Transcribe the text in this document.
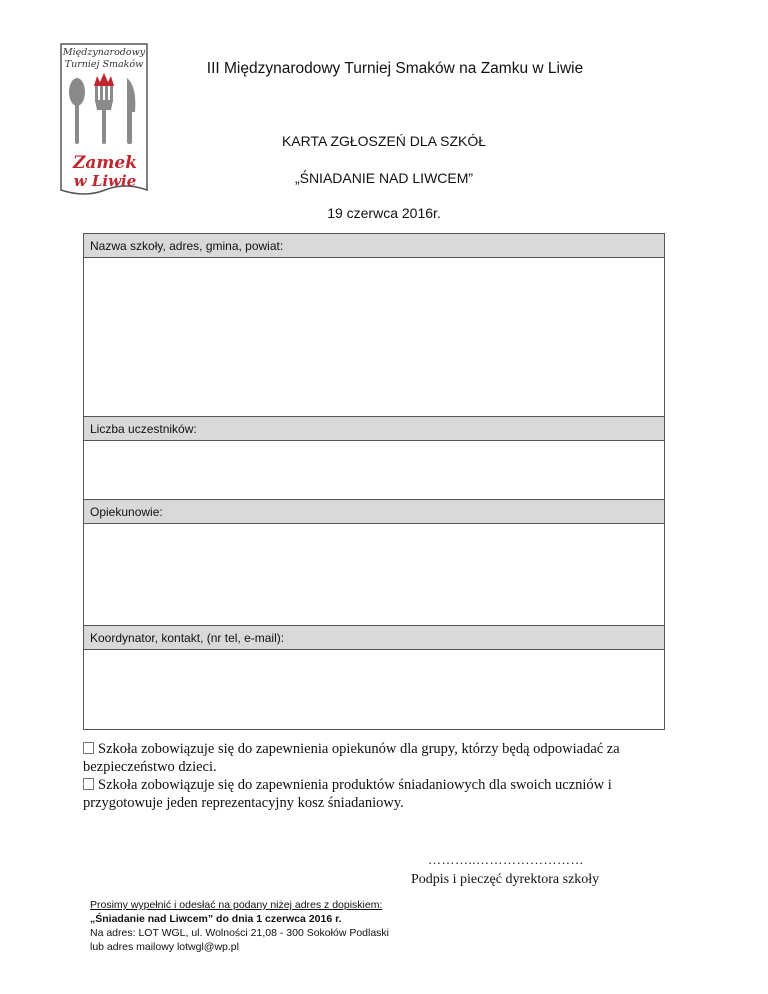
Międzynarodowy
Turniej Smaków
Zamek
w Liwie
III Międzynarodowy Turniej Smaków na Zamku w Liwie
KARTA ZGŁOSZEŃ DLA SZKÓŁ
„ŚNIADANIE NAD LIWCEM”
19 czerwca 2016r.
Nazwa szkoły, adres, gmina, powiat:
Liczba uczestników:
Opiekunowie:
Koordynator, kontakt, (nr tel, e-mail):
Szkoła zobowiązuje się do zapewnienia opiekunów dla grupy, którzy będą odpowiadać za
bezpieczeństwo dzieci.
Szkoła zobowiązuje się do zapewnienia produktów śniadaniowych dla swoich uczniów i
przygotowuje jeden reprezentacyjny kosz śniadaniowy.
………..……………………
Podpis i pieczęć dyrektora szkoły
Prosimy wypełnić i odesłać na podany niżej adres z dopiskiem:
„Śniadanie nad Liwcem” do dnia 1 czerwca 2016 r.
Na adres: LOT WGL, ul. Wolności 21,08 - 300 Sokołów Podlaski
lub adres mailowy lotwgl@wp.pl
